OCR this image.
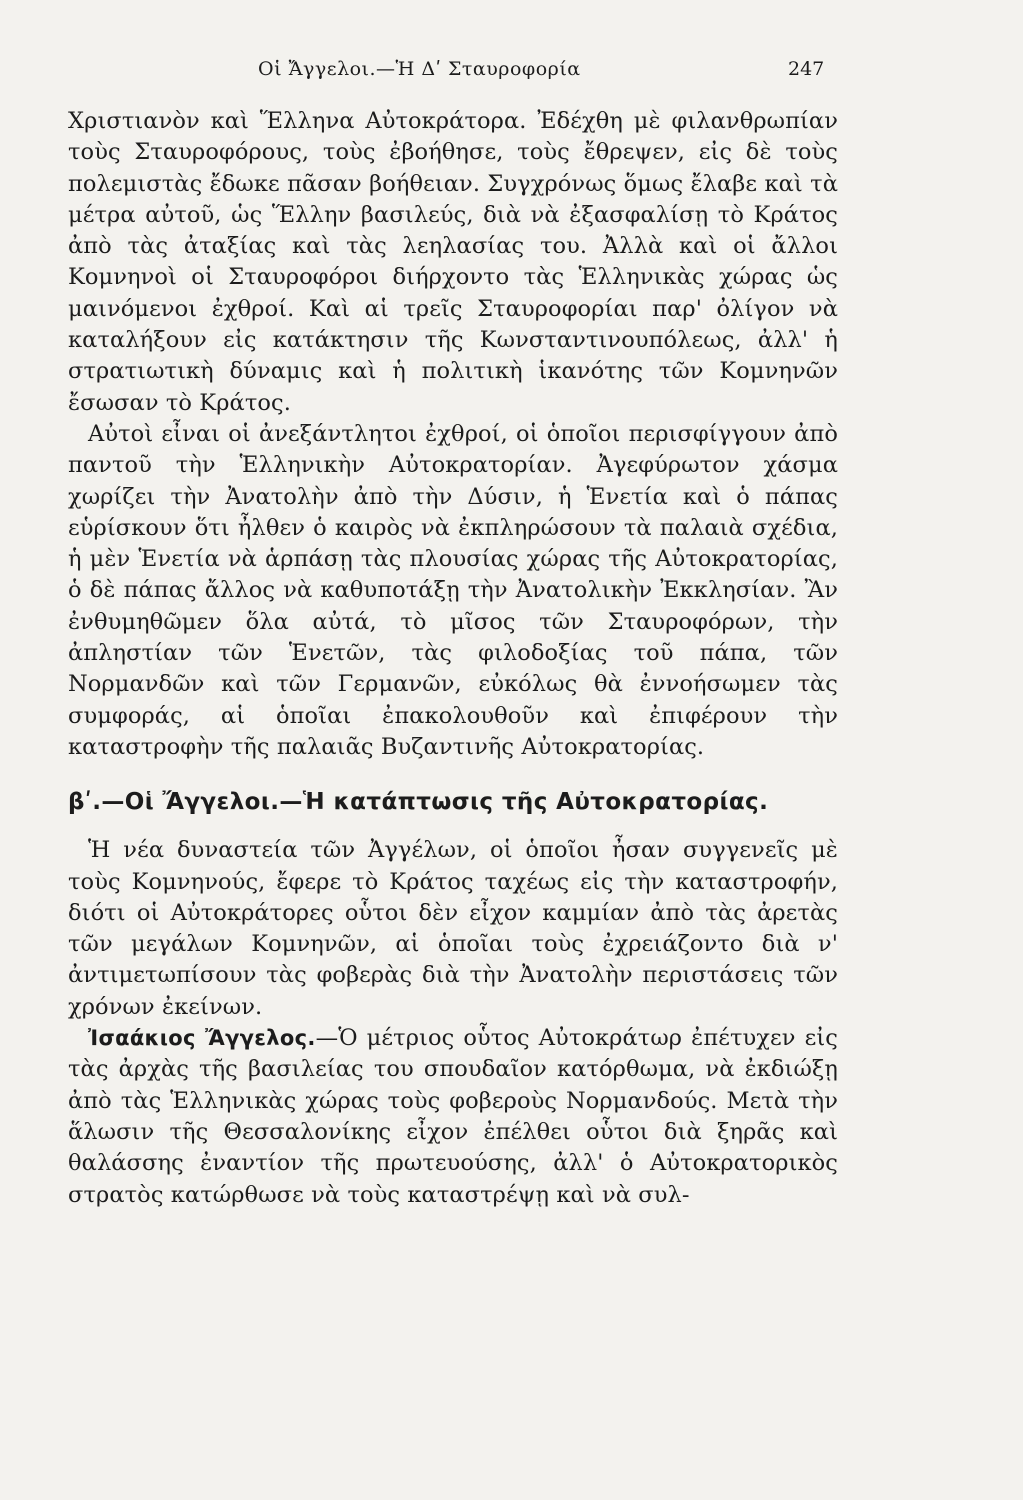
Οἱ Ἄγγελοι.—Ἡ Δʹ Σταυροφορία	247

Χριστιανὸν καὶ Ἕλληνα Αὐτοκράτορα. Ἐδέχθη μὲ φιλανθρωπίαν τοὺς Σταυροφόρους, τοὺς ἐβοήθησε, τοὺς ἔθρεψεν, εἰς δὲ τοὺς πολεμιστὰς ἔδωκε πᾶσαν βοήθειαν. Συγχρόνως ὅμως ἔλαβε καὶ τὰ μέτρα αὐτοῦ, ὡς Ἕλλην βασιλεύς, διὰ νὰ ἐξασφαλίσῃ τὸ Κράτος ἀπὸ τὰς ἀταξίας καὶ τὰς λεηλασίας του. Ἀλλὰ καὶ οἱ ἄλλοι Κομνηνοὶ οἱ Σταυροφόροι διήρχοντο τὰς Ἑλληνικὰς χώρας ὡς μαινόμενοι ἐχθροί. Καὶ αἱ τρεῖς Σταυροφορίαι παρ' ὀλίγον νὰ καταλήξουν εἰς κατάκτησιν τῆς Κωνσταντινουπόλεως, ἀλλ' ἡ στρατιωτικὴ δύναμις καὶ ἡ πολιτικὴ ἱκανότης τῶν Κομνηνῶν ἔσωσαν τὸ Κράτος.

Αὐτοὶ εἶναι οἱ ἀνεξάντλητοι ἐχθροί, οἱ ὁποῖοι περισφίγγουν ἀπὸ παντοῦ τὴν Ἑλληνικὴν Αὐτοκρατορίαν. Ἀγεφύρωτον χάσμα χωρίζει τὴν Ἀνατολὴν ἀπὸ τὴν Δύσιν, ἡ Ἑνετία καὶ ὁ πάπας εὑρίσκουν ὅτι ἦλθεν ὁ καιρὸς νὰ ἐκπληρώσουν τὰ παλαιὰ σχέδια, ἡ μὲν Ἑνετία νὰ ἁρπάσῃ τὰς πλουσίας χώρας τῆς Αὐτοκρατορίας, ὁ δὲ πάπας ἄλλος νὰ καθυποτάξῃ τὴν Ἀνατολικὴν Ἐκκλησίαν. Ἂν ἐνθυμηθῶμεν ὅλα αὐτά, τὸ μῖσος τῶν Σταυροφόρων, τὴν ἀπληστίαν τῶν Ἑνετῶν, τὰς φιλοδοξίας τοῦ πάπα, τῶν Νορμανδῶν καὶ τῶν Γερμανῶν, εὐκόλως θὰ ἐννοήσωμεν τὰς συμφοράς, αἱ ὁποῖαι ἐπακολουθοῦν καὶ ἐπιφέρουν τὴν καταστροφὴν τῆς παλαιᾶς Βυζαντινῆς Αὐτοκρατορίας.

βʹ.—Οἱ Ἄγγελοι.—Ἡ κατάπτωσις τῆς Αὐτοκρατορίας.

Ἡ νέα δυναστεία τῶν Ἀγγέλων, οἱ ὁποῖοι ἦσαν συγγενεῖς μὲ τοὺς Κομνηνούς, ἔφερε τὸ Κράτος ταχέως εἰς τὴν καταστροφήν, διότι οἱ Αὐτοκράτορες οὗτοι δὲν εἶχον καμμίαν ἀπὸ τὰς ἀρετὰς τῶν μεγάλων Κομνηνῶν, αἱ ὁποῖαι τοὺς ἐχρειάζοντο διὰ ν' ἀντιμετωπίσουν τὰς φοβερὰς διὰ τὴν Ἀνατολὴν περιστάσεις τῶν χρόνων ἐκείνων.

Ἰσαάκιος Ἄγγελος.—Ὁ μέτριος οὗτος Αὐτοκράτωρ ἐπέτυχεν εἰς τὰς ἀρχὰς τῆς βασιλείας του σπουδαῖον κατόρθωμα, νὰ ἐκδιώξῃ ἀπὸ τὰς Ἑλληνικὰς χώρας τοὺς φοβεροὺς Νορμανδούς. Μετὰ τὴν ἅλωσιν τῆς Θεσσαλονίκης εἶχον ἐπέλθει οὗτοι διὰ ξηρᾶς καὶ θαλάσσης ἐναντίον τῆς πρωτευούσης, ἀλλ' ὁ Αὐτοκρατορικὸς στρατὸς κατώρθωσε νὰ τοὺς καταστρέψῃ καὶ νὰ συλ-
